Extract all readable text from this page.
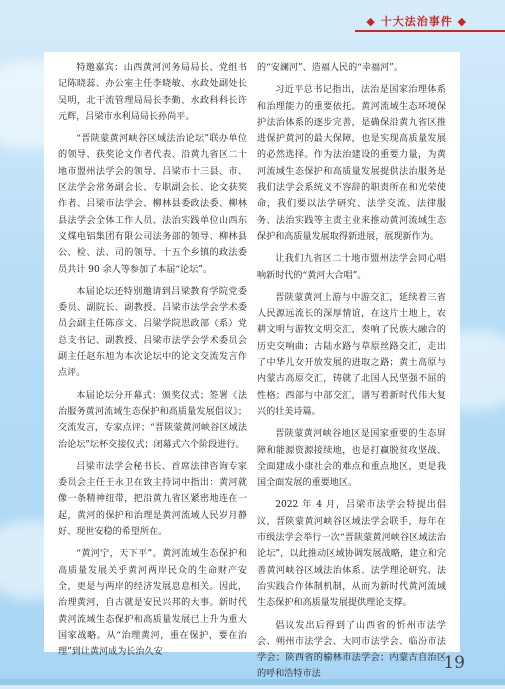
◆ 十大法治事件 ◆

特邀嘉宾：山西黄河河务局局长、党组书记陈晓蕊、办公室主任李晓敏、水政处副处长吴明，北干流管理局局长李勤、水政科科长许元辉，吕梁市水利局局长孙尚平。

“晋陕蒙黄河峡谷区域法治论坛”联办单位的领导、获奖论文作者代表、沿黄九省区二十地市盟州法学会的领导、吕梁市十三县、市、区法学会常务副会长、专职副会长、论文获奖作者、吕梁市法学会、柳林县委政法委、柳林县法学会全体工作人员、法治实践单位山西东义煤电铝集团有限公司法务部的领导、柳林县公、检、法、司的领导、十五个乡镇的政法委员共计 90 余人等参加了本届“论坛”。

本届论坛还特别邀请到吕梁教育学院党委委员、副院长、副教授、吕梁市法学会学术委员会副主任陈彦文、吕梁学院思政部（系）党总支书记、副教授、吕梁市法学会学术委员会副主任赵东旭为本次论坛中的论文交流发言作点评。

本届论坛分开幕式：颁奖仪式；签署《法治服务黄河流域生态保护和高质量发展倡议》；交流发言，专家点评；“晋陕蒙黄河峡谷区域法治论坛”坛杯交接仪式；闭幕式六个阶段进行。

吕梁市法学会秘书长、首席法律咨询专家委员会主任王永卫在致主持词中指出：黄河就像一条精神纽带，把沿黄九省区紧密地连在一起，黄河的保护和治理是黄河流域人民岁月静好、现世安稳的希望所在。

“黄河宁，天下平”。黄河流域生态保护和高质量发展关乎黄河两岸民众的生命财产安全，更是与两岸的经济发展息息相关。因此，治理黄河，自古就是安民兴邦的大事。新时代黄河流域生态保护和高质量发展已上升为重大国家战略。从“治理黄河，重在保护，要在治理”到让黄河成为长治久安

的“安澜河”、造福人民的“幸福河”。

习近平总书记指出，法治是国家治理体系和治理能力的重要依托。黄河流域生态环境保护法治体系的逐步完善，是确保沿黄九省区推进保护黄河的最大保障，也是实现高质量发展的必然选择。作为法治建设的重要力量，为黄河流域生态保护和高质量发展提供法治服务是我们法学会系统义不容辞的职责所在和光荣使命，我们要以法学研究、法学交流、法律服务、法治实践等主责主业来推动黄河流域生态保护和高质量发展取得新进展，展现新作为。

让我们九省区二十地市盟州法学会同心唱响新时代的“黄河大合唱”。

晋陕蒙黄河上游与中游交汇，延续着三省人民源远流长的深厚情谊，在这片土地上，农耕文明与游牧文明交汇，奏响了民族大融合的历史交响曲；古陆水路与草原丝路交汇，走出了中华儿女开放发展的进取之路；黄土高原与内蒙古高原交汇，铸就了北国人民坚强不屈的性格；西部与中部交汇，谱写着新时代伟大复兴的壮美诗篇。

晋陕蒙黄河峡谷地区是国家重要的生态屏障和能源资源接续地，也是打赢脱贫攻坚战、全面建成小康社会的难点和重点地区，更是我国全面发展的重要地区。

2022 年 4 月，吕梁市法学会特提出倡议，晋陕蒙黄河峡谷区域法学会联手，每年在市级法学会举行一次“晋陕蒙黄河峡谷区域法治论坛”，以此推动区域协调发展战略，建立和完善黄河峡谷区域法治体系、法学理论研究、法治实践合作体制机制，从而为新时代黄河流域生态保护和高质量发展提供理论支撑。

倡议发出后得到了山西省的忻州市法学会、朔州市法学会、大同市法学会、临汾市法学会；陕西省的榆林市法学会；内蒙古自治区的呼和浩特市法

19
